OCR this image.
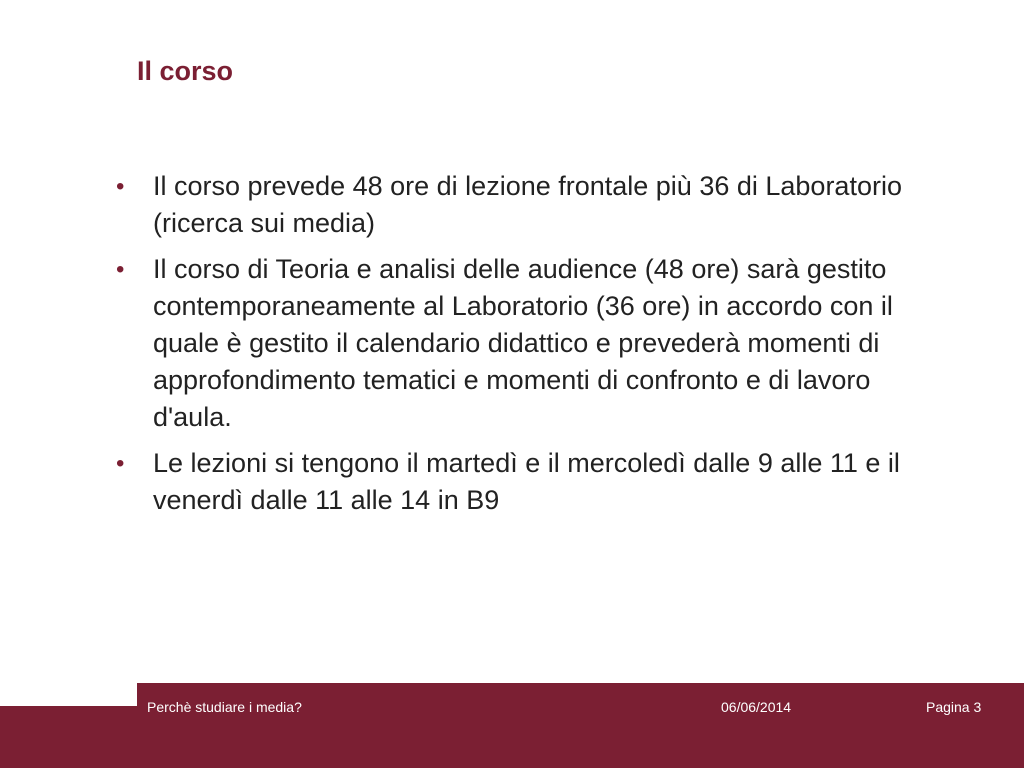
Il corso
• Il corso prevede 48 ore di lezione frontale più 36 di Laboratorio (ricerca sui media)
• Il corso di Teoria e analisi delle audience (48 ore) sarà gestito contemporaneamente al Laboratorio (36 ore) in accordo con il quale è gestito il calendario didattico e prevederà momenti di approfondimento tematici e momenti di confronto e di lavoro d'aula.
• Le lezioni si tengono il martedì e il mercoledì dalle 9 alle 11 e il venerdì dalle 11 alle 14 in B9
Perchè studiare i media?	06/06/2014	Pagina 3
